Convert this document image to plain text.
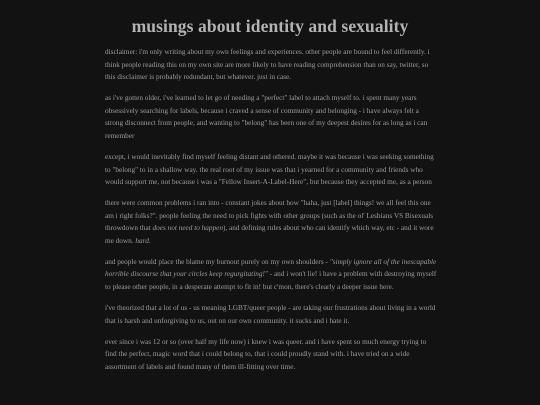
musings about identity and sexuality

disclaimer: i'm only writing about my own feelings and experiences. other people are bound to feel differently. i think people reading this on my own site are more likely to have reading comprehension than on say, twitter, so this disclaimer is probably redundant, but whatever. just in case.

as i've gotten older, i've learned to let go of needing a "perfect" label to attach myself to. i spent many years obsessively searching for labels, because i craved a sense of community and belonging - i have always felt a strong disconnect from people, and wanting to "belong" has been one of my deepest desires for as long as i can remember

except, i would inevitably find myself feeling distant and othered. maybe it was because i was seeking something to "belong" to in a shallow way. the real root of my issue was that i yearned for a community and friends who would support me, not because i was a "Fellow Insert-A-Label-Here", but because they accepted me, as a person

there were common problems i ran into - constant jokes about how "haha, just [label] things! we all feel this one am i right folks?". people feeling the need to pick fights with other groups (such as the ol' Lesbians VS Bisexuals throwdown that does not need to happen), and defining rules about who can identify which way, etc - and it wore me down. hard.

and people would place the blame my burnout purely on my own shoulders - "simply ignore all of the inescapable horrible discourse that your circles keep regurgitating!" - and i won't lie! i have a problem with destroying myself to please other people, in a desperate attempt to fit in! but c'mon, there's clearly a deeper issue here.

i've theorized that a lot of us - us meaning LGBT/queer people - are taking our frustrations about living in a world that is harsh and unforgiving to us, out on our own community. it sucks and i hate it.

ever since i was 12 or so (over half my life now) i knew i was queer. and i have spent so much energy trying to find the perfect, magic word that i could belong to, that i could proudly stand with. i have tried on a wide assortment of labels and found many of them ill-fitting over time.
